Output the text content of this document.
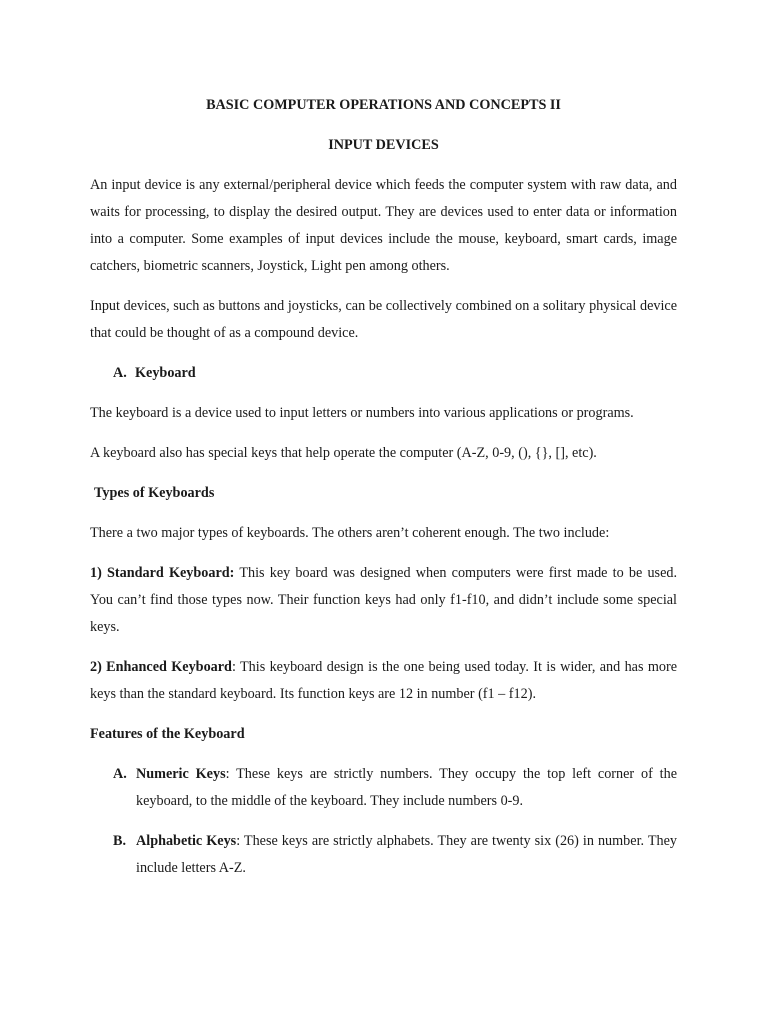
BASIC COMPUTER OPERATIONS AND CONCEPTS II
INPUT DEVICES

An input device is any external/peripheral device which feeds the computer system with raw data, and waits for processing, to display the desired output. They are devices used to enter data or information into a computer. Some examples of input devices include the mouse, keyboard, smart cards, image catchers, biometric scanners, Joystick, Light pen among others.

Input devices, such as buttons and joysticks, can be collectively combined on a solitary physical device that could be thought of as a compound device.

A. Keyboard

The keyboard is a device used to input letters or numbers into various applications or programs.

A keyboard also has special keys that help operate the computer (A-Z, 0-9, (), {}, [], etc).

Types of Keyboards

There a two major types of keyboards. The others aren’t coherent enough. The two include:

1) Standard Keyboard: This key board was designed when computers were first made to be used. You can’t find those types now. Their function keys had only f1-f10, and didn’t include some special keys.

2) Enhanced Keyboard: This keyboard design is the one being used today. It is wider, and has more keys than the standard keyboard. Its function keys are 12 in number (f1 – f12).

Features of the Keyboard
A. Numeric Keys: These keys are strictly numbers. They occupy the top left corner of the keyboard, to the middle of the keyboard. They include numbers 0-9.
B. Alphabetic Keys: These keys are strictly alphabets. They are twenty six (26) in number. They include letters A-Z.
